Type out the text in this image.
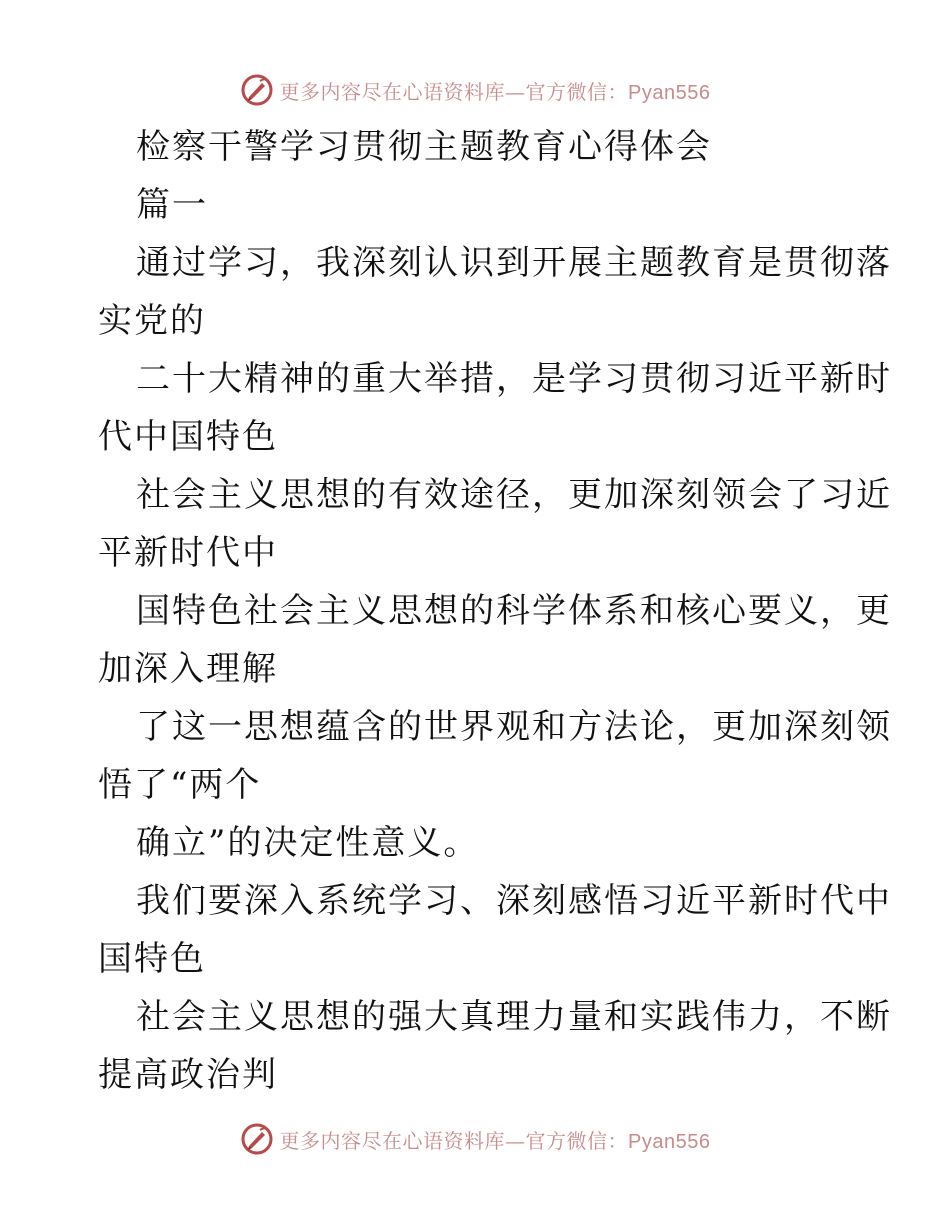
更多内容尽在心语资料库—官方微信：Pyan556
检察干警学习贯彻主题教育心得体会
篇一
通过学习，我深刻认识到开展主题教育是贯彻落
实党的
二十大精神的重大举措，是学习贯彻习近平新时
代中国特色
社会主义思想的有效途径，更加深刻领会了习近
平新时代中
国特色社会主义思想的科学体系和核心要义，更
加深入理解
了这一思想蕴含的世界观和方法论，更加深刻领
悟了“两个
确立”的决定性意义。
我们要深入系统学习、深刻感悟习近平新时代中
国特色
社会主义思想的强大真理力量和实践伟力，不断
提高政治判
更多内容尽在心语资料库—官方微信：Pyan556
